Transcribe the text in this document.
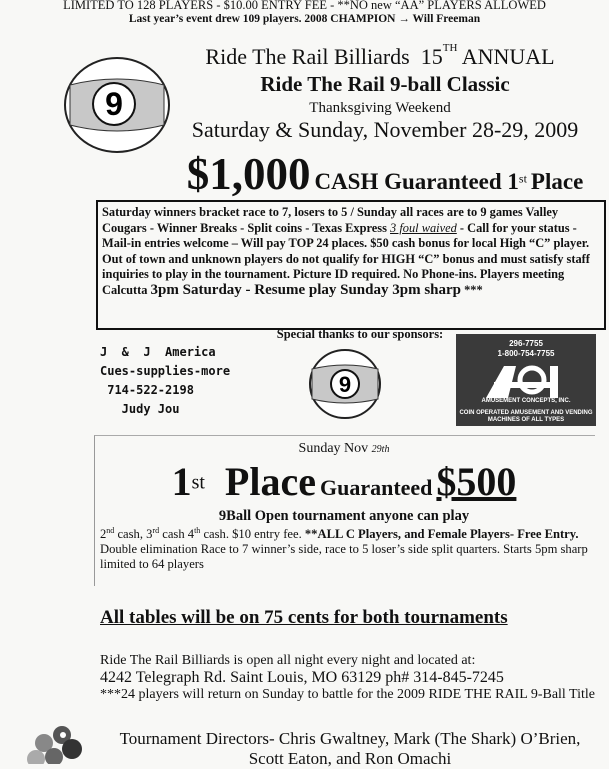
LIMITED TO 128 PLAYERS - $10.00 ENTRY FEE - **NO new “AA” PLAYERS ALLOWED
Last year’s event drew 109 players. 2008 CHAMPION → Will Freeman
9
Ride The Rail Billiards 15TH ANNUAL
Ride The Rail 9-ball Classic
Thanksgiving Weekend
Saturday & Sunday, November 28-29, 2009
$1,000 CASH Guaranteed 1st Place
Saturday winners bracket race to 7, losers to 5 / Sunday all races are to 9 games Valley Cougars - Winner Breaks - Split coins - Texas Express 3 foul waived - Call for your status - Mail-in entries welcome – Will pay TOP 24 places. $50 cash bonus for local High “C” player. Out of town and unknown players do not qualify for HIGH “C” bonus and must satisfy staff inquiries to play in the tournament. Picture ID required. No Phone-ins. Players meeting Calcutta 3pm Saturday - Resume play Sunday 3pm sharp ***
Special thanks to our sponsors:
J  &  J  America
Cues-supplies-more
714-522-2198
Judy Jou
9
296-7755
1-800-754-7755
AMUSEMENT CONCEPTS, INC.
COIN OPERATED AMUSEMENT AND VENDING MACHINES OF ALL TYPES
Sunday Nov 29th
1st  Place Guaranteed $500
9Ball Open tournament anyone can play
2nd cash, 3rd cash 4th cash. $10 entry fee. **ALL C Players, and Female Players- Free Entry. Double elimination Race to 7 winner’s side, race to 5 loser’s side split quarters. Starts 5pm sharp limited to 64 players
All tables will be on 75 cents for both tournaments
Ride The Rail Billiards is open all night every night and located at:
4242 Telegraph Rd. Saint Louis, MO 63129 ph# 314-845-7245
***24 players will return on Sunday to battle for the 2009 RIDE THE RAIL 9-Ball Title
Tournament Directors- Chris Gwaltney, Mark (The Shark) O’Brien, Scott Eaton, and Ron Omachi
